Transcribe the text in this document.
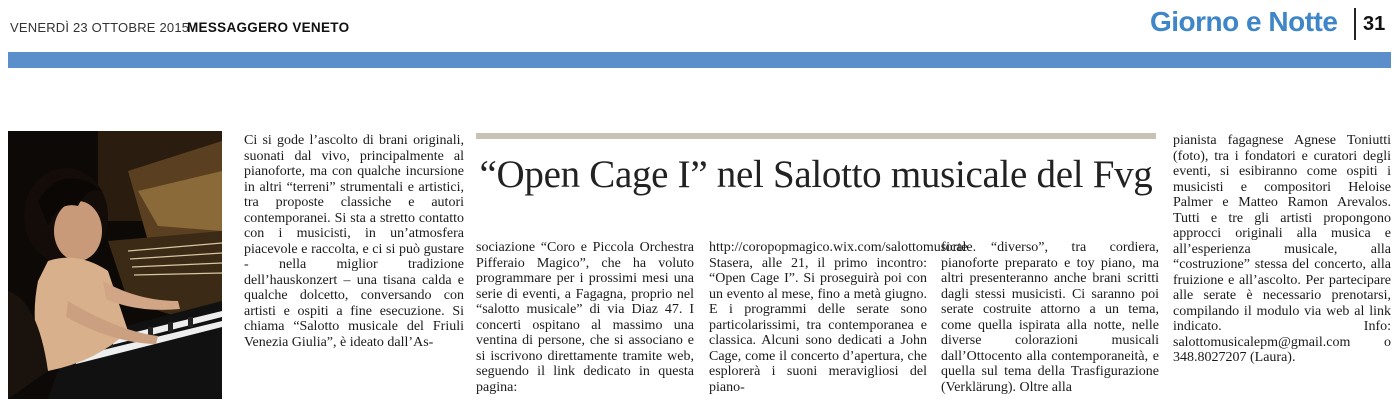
VENERDÌ 23 OTTOBRE 2015
MESSAGGERO VENETO	Giorno e Notte 31

Ci si gode l’ascolto di brani originali, suonati dal vivo, principalmente al pianoforte, ma con qualche incursione in altri “terreni” strumentali e artistici, tra proposte classiche e autori contemporanei. Si sta a stretto contatto con i musicisti, in un’atmosfera piacevole e raccolta, e ci si può gustare - nella miglior tradizione dell’hauskonzert – una tisana calda e qualche dolcetto, conversando con artisti e ospiti a fine esecuzione. Si chiama “Salotto musicale del Friuli Venezia Giulia”, è ideato dall’As-

“Open Cage I” nel Salotto musicale del Fvg

sociazione “Coro e Piccola Orchestra Pifferaio Magico”, che ha voluto programmare per i prossimi mesi una serie di eventi, a Fagagna, proprio nel “salotto musicale” di via Diaz 47. I concerti ospitano al massimo una ventina di persone, che si associano e si iscrivono direttamente tramite web, seguendo il link dedicato in questa pagina:

http://coropopmagico.wix.com/salottomusicale. Stasera, alle 21, il primo incontro: “Open Cage I”. Si proseguirà poi con un evento al mese, fino a metà giugno. E i programmi delle serate sono particolarissimi, tra contemporanea e classica. Alcuni sono dedicati a John Cage, come il concerto d’apertura, che esplorerà i suoni meravigliosi del piano-

forte “diverso”, tra cordiera, pianoforte preparato e toy piano, ma altri presenteranno anche brani scritti dagli stessi musicisti. Ci saranno poi serate costruite attorno a un tema, come quella ispirata alla notte, nelle diverse colorazioni musicali dall’Ottocento alla contemporaneità, e quella sul tema della Trasfigurazione (Verklärung). Oltre alla

pianista fagagnese Agnese Toniutti (foto), tra i fondatori e curatori degli eventi, si esibiranno come ospiti i musicisti e compositori Heloise Palmer e Matteo Ramon Arevalos. Tutti e tre gli artisti propongono approcci originali alla musica e all’esperienza musicale, alla “costruzione” stessa del concerto, alla fruizione e all’ascolto. Per partecipare alle serate è necessario prenotarsi, compilando il modulo via web al link indicato. Info: salottomusicalepm@gmail.com o 348.8027207 (Laura).
